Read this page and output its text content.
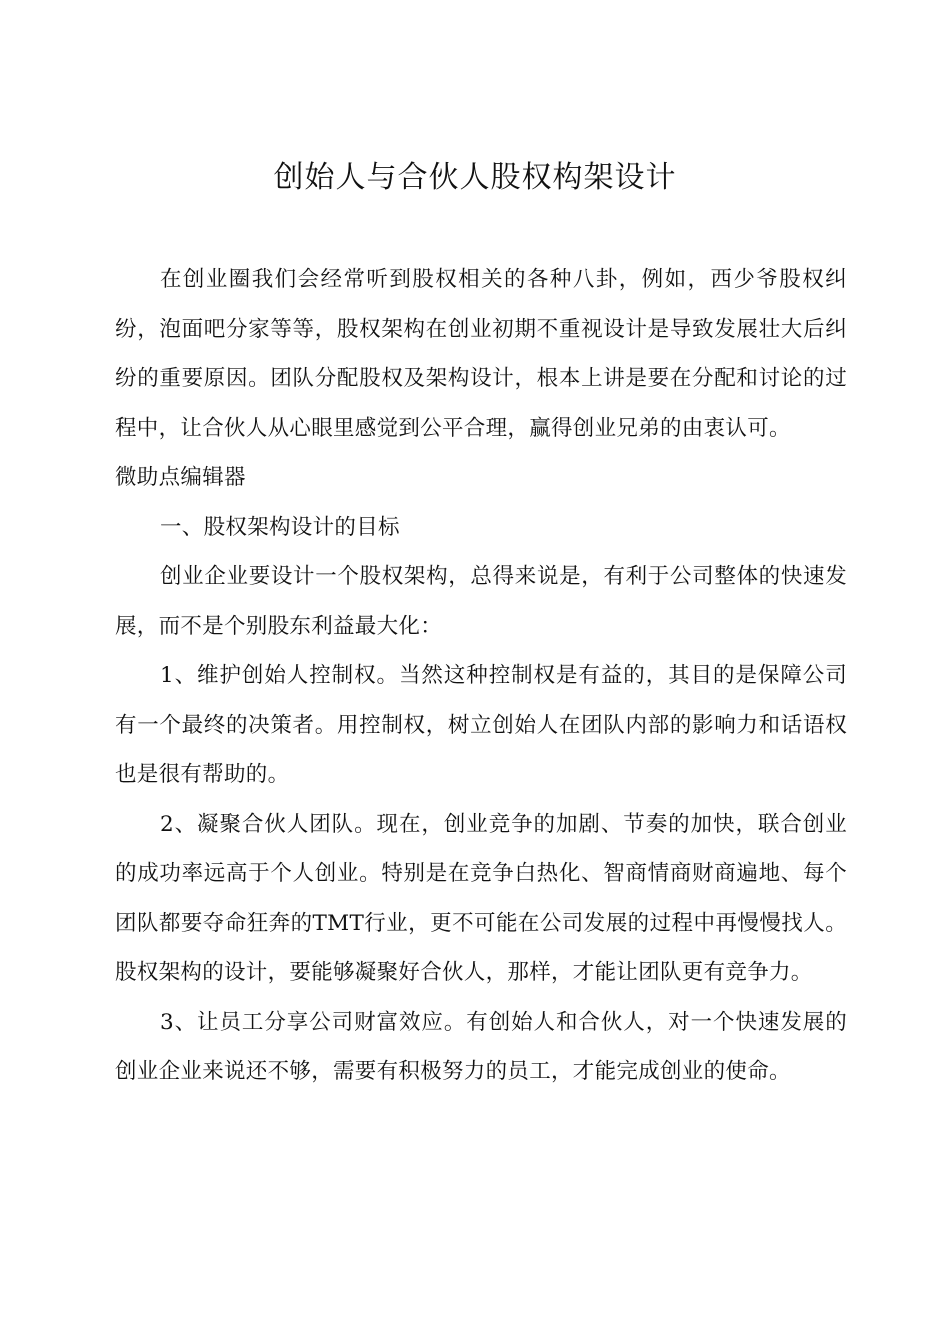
创始人与合伙人股权构架设计

在创业圈我们会经常听到股权相关的各种八卦，例如，西少爷股权纠纷，泡面吧分家等等，股权架构在创业初期不重视设计是导致发展壮大后纠纷的重要原因。团队分配股权及架构设计，根本上讲是要在分配和讨论的过程中，让合伙人从心眼里感觉到公平合理，赢得创业兄弟的由衷认可。

微助点编辑器

一、股权架构设计的目标

创业企业要设计一个股权架构，总得来说是，有利于公司整体的快速发展，而不是个别股东利益最大化：

1、维护创始人控制权。当然这种控制权是有益的，其目的是保障公司有一个最终的决策者。用控制权，树立创始人在团队内部的影响力和话语权也是很有帮助的。

2、凝聚合伙人团队。现在，创业竞争的加剧、节奏的加快，联合创业的成功率远高于个人创业。特别是在竞争白热化、智商情商财商遍地、每个团队都要夺命狂奔的TMT行业，更不可能在公司发展的过程中再慢慢找人。股权架构的设计，要能够凝聚好合伙人，那样，才能让团队更有竞争力。

3、让员工分享公司财富效应。有创始人和合伙人，对一个快速发展的创业企业来说还不够，需要有积极努力的员工，才能完成创业的使命。
